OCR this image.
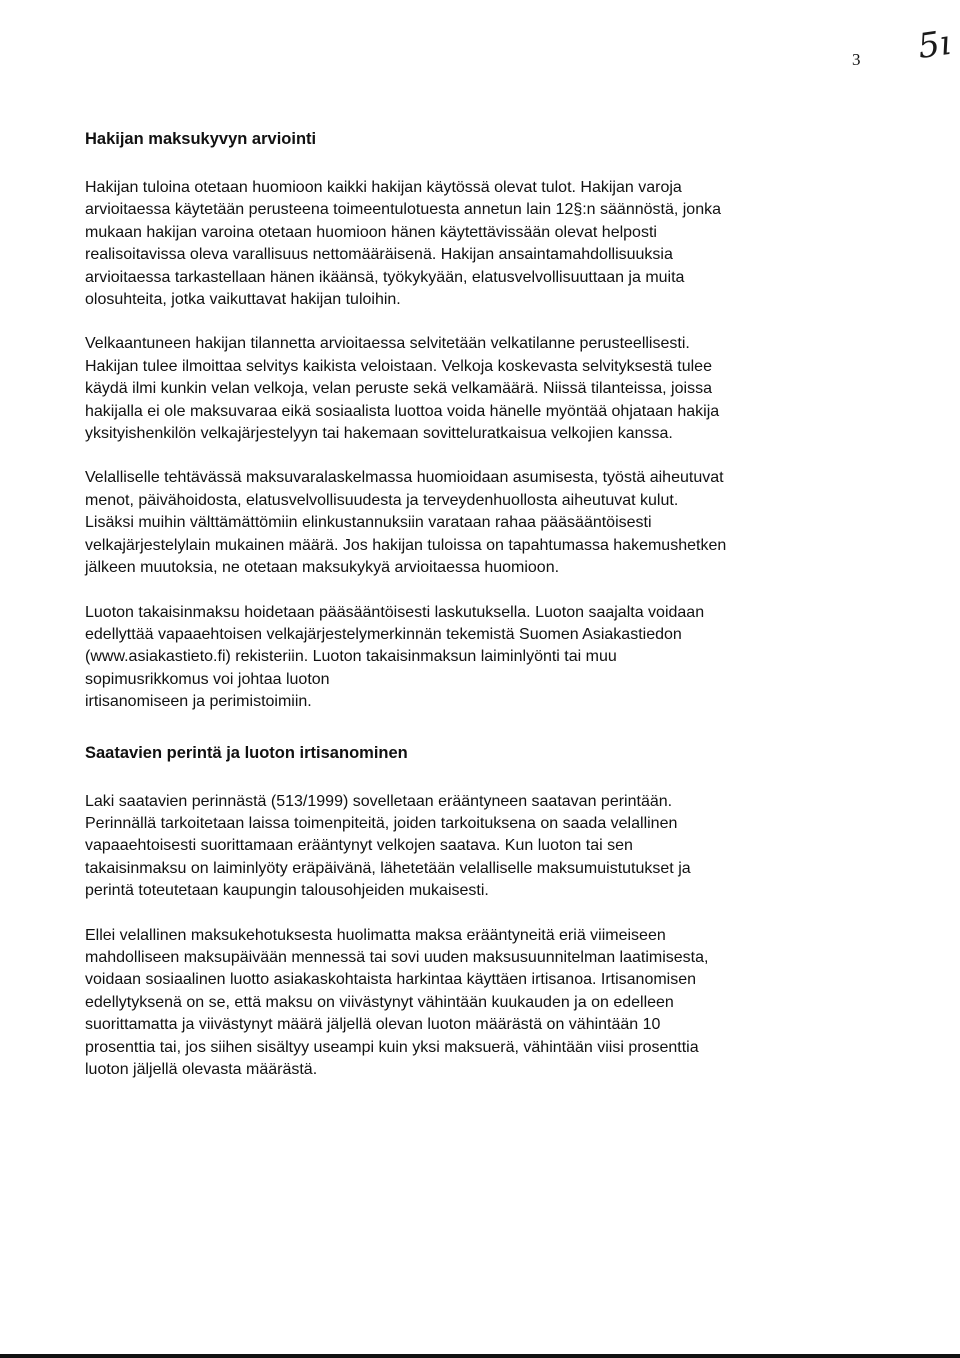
5ı
3
Hakijan maksukyvyn arviointi

Hakijan tuloina otetaan huomioon kaikki hakijan käytössä olevat tulot. Hakijan varoja
arvioitaessa käytetään perusteena toimeentulotuesta annetun lain 12§:n säännöstä, jonka
mukaan hakijan varoina otetaan huomioon hänen käytettävissään olevat helposti
realisoitavissa oleva varallisuus nettomääräisenä. Hakijan ansaintamahdollisuuksia
arvioitaessa tarkastellaan hänen ikäänsä, työkykyään, elatusvelvollisuuttaan ja muita
olosuhteita, jotka vaikuttavat hakijan tuloihin.

Velkaantuneen hakijan tilannetta arvioitaessa selvitetään velkatilanne perusteellisesti.
Hakijan tulee ilmoittaa selvitys kaikista veloistaan. Velkoja koskevasta selvityksestä tulee
käydä ilmi kunkin velan velkoja, velan peruste sekä velkamäärä. Niissä tilanteissa, joissa
hakijalla ei ole maksuvaraa eikä sosiaalista luottoa voida hänelle myöntää ohjataan hakija
yksityishenkilön velkajärjestelyyn tai hakemaan sovitteluratkaisua velkojien kanssa.

Velalliselle tehtävässä maksuvaralaskelmassa huomioidaan asumisesta, työstä aiheutuvat
menot, päivähoidosta, elatusvelvollisuudesta ja terveydenhuollosta aiheutuvat kulut.
Lisäksi muihin välttämättömiin elinkustannuksiin varataan rahaa pääsääntöisesti
velkajärjestelylain mukainen määrä. Jos hakijan tuloissa on tapahtumassa hakemushetken
jälkeen muutoksia, ne otetaan maksukykyä arvioitaessa huomioon.

Luoton takaisinmaksu hoidetaan pääsääntöisesti laskutuksella. Luoton saajalta voidaan
edellyttää vapaaehtoisen velkajärjestelymerkinnän tekemistä Suomen Asiakastiedon
(www.asiakastieto.fi) rekisteriin. Luoton takaisinmaksun laiminlyönti tai muu
sopimusrikkomus voi johtaa luoton
irtisanomiseen ja perimistoimiin.

Saatavien perintä ja luoton irtisanominen

Laki saatavien perinnästä (513/1999) sovelletaan erääntyneen saatavan perintään.
Perinnällä tarkoitetaan laissa toimenpiteitä, joiden tarkoituksena on saada velallinen
vapaaehtoisesti suorittamaan erääntynyt velkojen saatava. Kun luoton tai sen
takaisinmaksu on laiminlyöty eräpäivänä, lähetetään velalliselle maksumuistutukset ja
perintä toteutetaan kaupungin talousohjeiden mukaisesti.

Ellei velallinen maksukehotuksesta huolimatta maksa erääntyneitä eriä viimeiseen
mahdolliseen maksupäivään mennessä tai sovi uuden maksusuunnitelman laatimisesta,
voidaan sosiaalinen luotto asiakaskohtaista harkintaa käyttäen irtisanoa. Irtisanomisen
edellytyksenä on se, että maksu on viivästynyt vähintään kuukauden ja on edelleen
suorittamatta ja viivästynyt määrä jäljellä olevan luoton määrästä on vähintään 10
prosenttia tai, jos siihen sisältyy useampi kuin yksi maksuerä, vähintään viisi prosenttia
luoton jäljellä olevasta määrästä.
